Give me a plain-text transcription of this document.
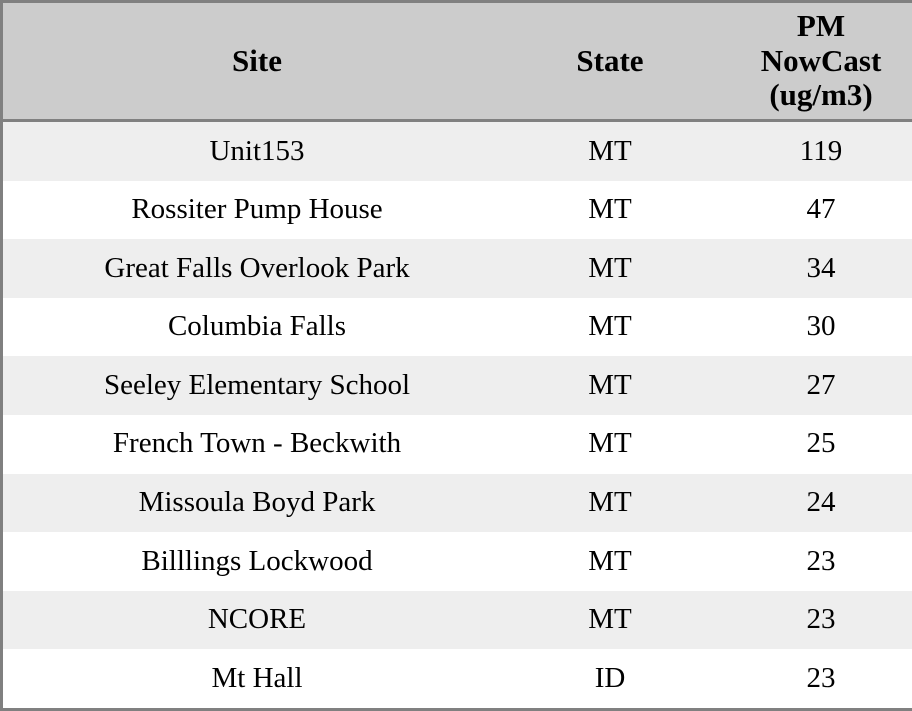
Site	State	PM
NowCast
(ug/m3)
Unit153	MT	119
Rossiter Pump House	MT	47
Great Falls Overlook Park	MT	34
Columbia Falls	MT	30
Seeley Elementary School	MT	27
French Town - Beckwith	MT	25
Missoula Boyd Park	MT	24
Billlings Lockwood	MT	23
NCORE	MT	23
Mt Hall	ID	23
